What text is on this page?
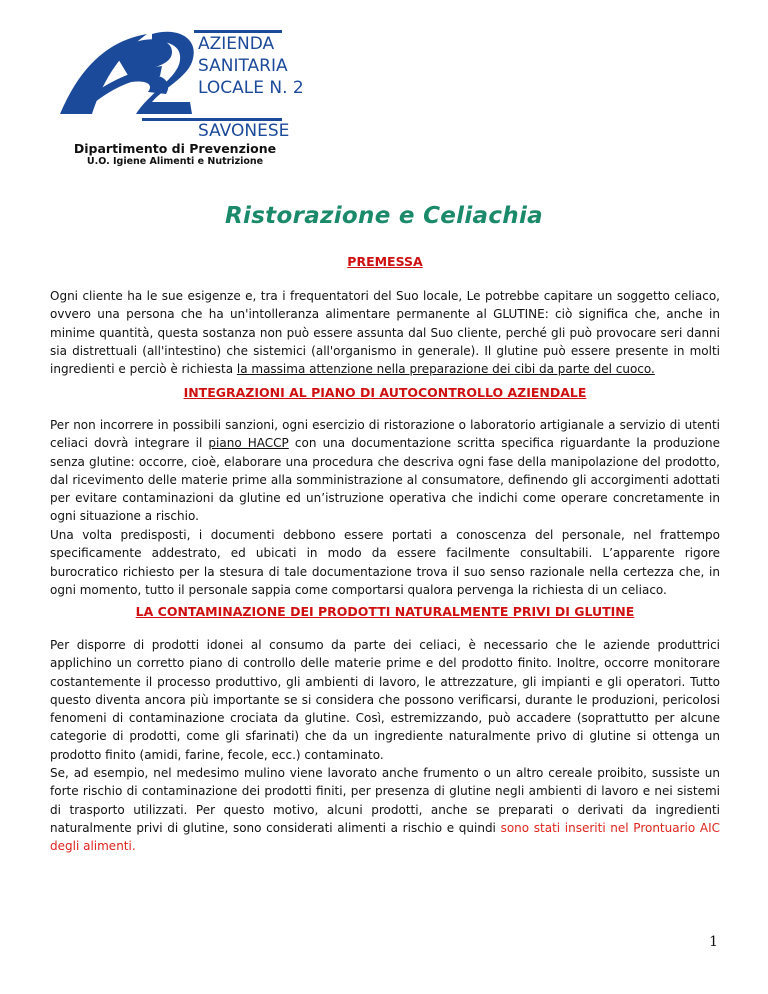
AZIENDA
SANITARIA
LOCALE N. 2
SAVONESE
Dipartimento di Prevenzione
U.O. Igiene Alimenti e Nutrizione
Ristorazione e Celiachia
PREMESSA
Ogni cliente ha le sue esigenze e, tra i frequentatori del Suo locale, Le potrebbe capitare un soggetto celiaco, ovvero una persona che ha un'intolleranza alimentare permanente al GLUTINE: ciò significa che, anche in minime quantità, questa sostanza non può essere assunta dal Suo cliente, perché gli può provocare seri danni sia distrettuali (all'intestino) che sistemici (all'organismo in generale). Il glutine può essere presente in molti ingredienti e perciò è richiesta la massima attenzione nella preparazione dei cibi da parte del cuoco.
INTEGRAZIONI AL PIANO DI AUTOCONTROLLO AZIENDALE
Per non incorrere in possibili sanzioni, ogni esercizio di ristorazione o laboratorio artigianale a servizio di utenti celiaci dovrà integrare il piano HACCP con una documentazione scritta specifica riguardante la produzione senza glutine: occorre, cioè, elaborare una procedura che descriva ogni fase della manipolazione del prodotto, dal ricevimento delle materie prime alla somministrazione al consumatore, definendo gli accorgimenti adottati per evitare contaminazioni da glutine ed un’istruzione operativa che indichi come operare concretamente in ogni situazione a rischio.
Una volta predisposti, i documenti debbono essere portati a conoscenza del personale, nel frattempo specificamente addestrato, ed ubicati in modo da essere facilmente consultabili. L’apparente rigore burocratico richiesto per la stesura di tale documentazione trova il suo senso razionale nella certezza che, in ogni momento, tutto il personale sappia come comportarsi qualora pervenga la richiesta di un celiaco.
LA CONTAMINAZIONE DEI PRODOTTI NATURALMENTE PRIVI DI GLUTINE
Per disporre di prodotti idonei al consumo da parte dei celiaci, è necessario che le aziende produttrici applichino un corretto piano di controllo delle materie prime e del prodotto finito. Inoltre, occorre monitorare costantemente il processo produttivo, gli ambienti di lavoro, le attrezzature, gli impianti e gli operatori. Tutto questo diventa ancora più importante se si considera che possono verificarsi, durante le produzioni, pericolosi fenomeni di contaminazione crociata da glutine. Così, estremizzando, può accadere (soprattutto per alcune categorie di prodotti, come gli sfarinati) che da un ingrediente naturalmente privo di glutine si ottenga un prodotto finito (amidi, farine, fecole, ecc.) contaminato.
Se, ad esempio, nel medesimo mulino viene lavorato anche frumento o un altro cereale proibito, sussiste un forte rischio di contaminazione dei prodotti finiti, per presenza di glutine negli ambienti di lavoro e nei sistemi di trasporto utilizzati. Per questo motivo, alcuni prodotti, anche se preparati o derivati da ingredienti naturalmente privi di glutine, sono considerati alimenti a rischio e quindi sono stati inseriti nel Prontuario AIC degli alimenti.
1
